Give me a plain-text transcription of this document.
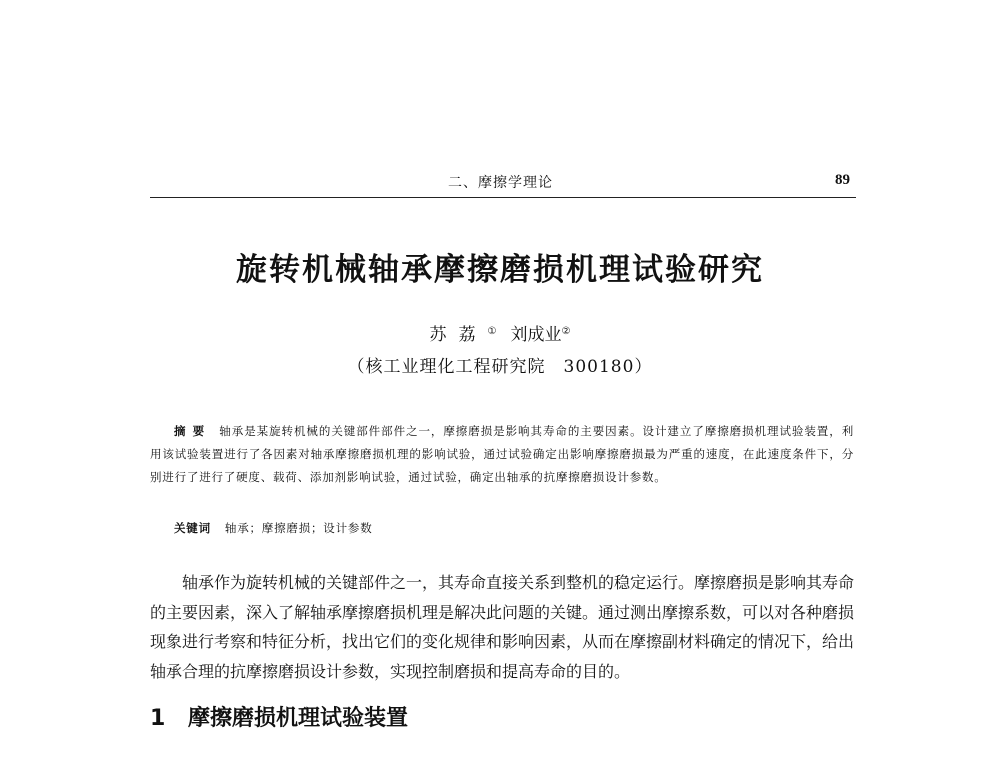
二、摩擦学理论	89
旋转机械轴承摩擦磨损机理试验研究
苏荔① 刘成业②
（核工业理化工程研究院　300180）
摘要 轴承是某旋转机械的关键部件部件之一，摩擦磨损是影响其寿命的主要因素。设计建立了摩擦磨损机理试验装置，利用该试验装置进行了各因素对轴承摩擦磨损机理的影响试验，通过试验确定出影响摩擦磨损最为严重的速度，在此速度条件下，分别进行了进行了硬度、载荷、添加剂影响试验，通过试验，确定出轴承的抗摩擦磨损设计参数。
关键词 轴承；摩擦磨损；设计参数
轴承作为旋转机械的关键部件之一，其寿命直接关系到整机的稳定运行。摩擦磨损是影响其寿命的主要因素，深入了解轴承摩擦磨损机理是解决此问题的关键。通过测出摩擦系数，可以对各种磨损现象进行考察和特征分析，找出它们的变化规律和影响因素，从而在摩擦副材料确定的情况下，给出轴承合理的抗摩擦磨损设计参数，实现控制磨损和提高寿命的目的。
1 摩擦磨损机理试验装置
